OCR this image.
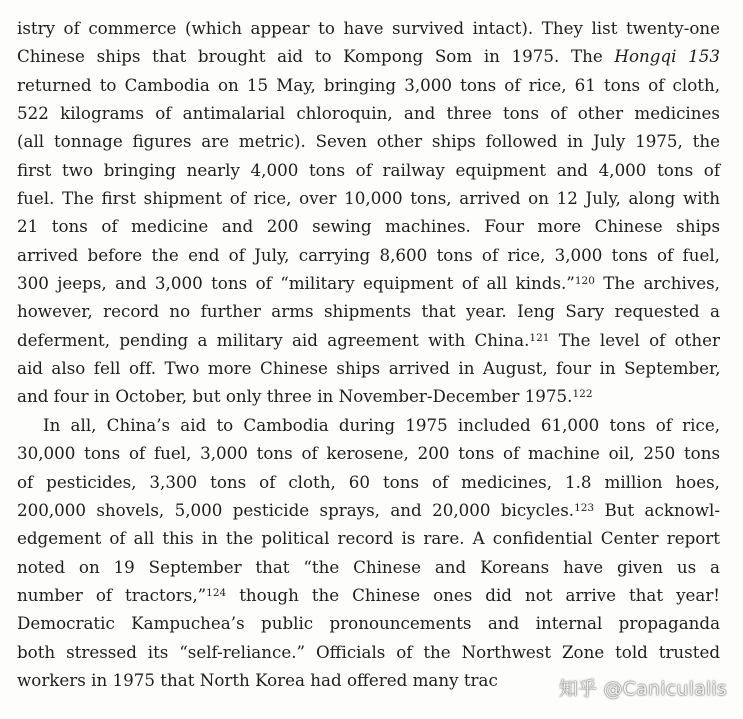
istry of commerce (which appear to have survived intact). They list twenty-one
Chinese ships that brought aid to Kompong Som in 1975. The Hongqi 153
returned to Cambodia on 15 May, bringing 3,000 tons of rice, 61 tons of cloth,
522 kilograms of antimalarial chloroquin, and three tons of other medicines
(all tonnage figures are metric). Seven other ships followed in July 1975, the
first two bringing nearly 4,000 tons of railway equipment and 4,000 tons of
fuel. The first shipment of rice, over 10,000 tons, arrived on 12 July, along with
21 tons of medicine and 200 sewing machines. Four more Chinese ships
arrived before the end of July, carrying 8,600 tons of rice, 3,000 tons of fuel,
300 jeeps, and 3,000 tons of “military equipment of all kinds.”$^{120}$ The archives,
however, record no further arms shipments that year. Ieng Sary requested a
deferment, pending a military aid agreement with China.$^{121}$ The level of other
aid also fell off. Two more Chinese ships arrived in August, four in September,
and four in October, but only three in November-December 1975.$^{122}$
In all, China’s aid to Cambodia during 1975 included 61,000 tons of rice,
30,000 tons of fuel, 3,000 tons of kerosene, 200 tons of machine oil, 250 tons
of pesticides, 3,300 tons of cloth, 60 tons of medicines, 1.8 million hoes,
200,000 shovels, 5,000 pesticide sprays, and 20,000 bicycles.$^{123}$ But acknowl-
edgement of all this in the political record is rare. A confidential Center report
noted on 19 September that “the Chinese and Koreans have given us a
number of tractors,”$^{124}$ though the Chinese ones did not arrive that year!
Democratic Kampuchea’s public pronouncements and internal propaganda
both stressed its “self-reliance.” Officials of the Northwest Zone told trusted
workers in 1975 that North Korea had offered many trac	知乎 @Caniculalis
